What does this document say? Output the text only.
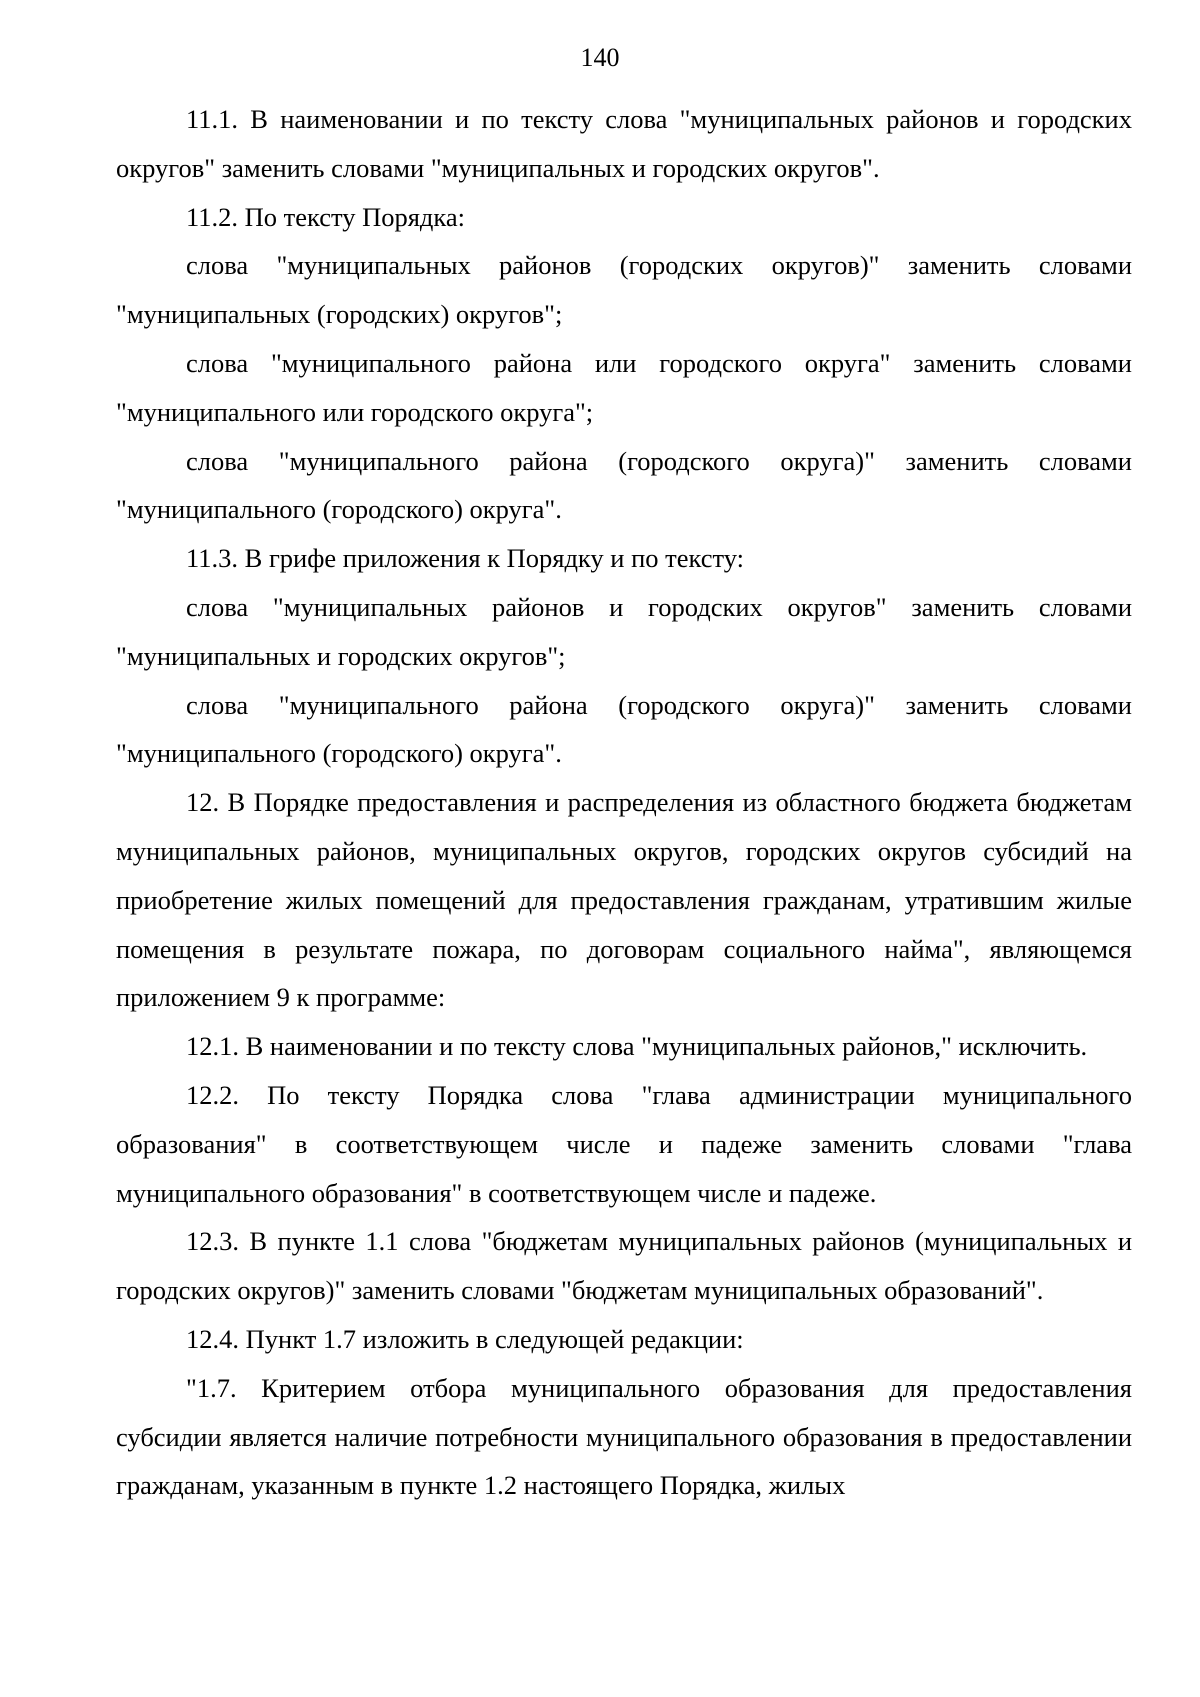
140

11.1. В наименовании и по тексту слова "муниципальных районов и городских округов" заменить словами "муниципальных и городских округов".

11.2. По тексту Порядка:

слова "муниципальных районов (городских округов)" заменить словами "муниципальных (городских) округов";

слова "муниципального района или городского округа" заменить словами "муниципального или городского округа";

слова "муниципального района (городского округа)" заменить словами "муниципального (городского) округа".

11.3. В грифе приложения к Порядку и по тексту:

слова "муниципальных районов и городских округов" заменить словами "муниципальных и городских округов";

слова "муниципального района (городского округа)" заменить словами "муниципального (городского) округа".

12. В Порядке предоставления и распределения из областного бюджета бюджетам муниципальных районов, муниципальных округов, городских округов субсидий на приобретение жилых помещений для предоставления гражданам, утратившим жилые помещения в результате пожара, по договорам социального найма", являющемся приложением 9 к программе:

12.1. В наименовании и по тексту слова "муниципальных районов," исключить.

12.2. По тексту Порядка слова "глава администрации муниципального образования" в соответствующем числе и падеже заменить словами "глава муниципального образования" в соответствующем числе и падеже.

12.3. В пункте 1.1 слова "бюджетам муниципальных районов (муниципальных и городских округов)" заменить словами "бюджетам муниципальных образований".

12.4. Пункт 1.7 изложить в следующей редакции:

"1.7. Критерием отбора муниципального образования для предоставления субсидии является наличие потребности муниципального образования в предоставлении гражданам, указанным в пункте 1.2 настоящего Порядка, жилых
